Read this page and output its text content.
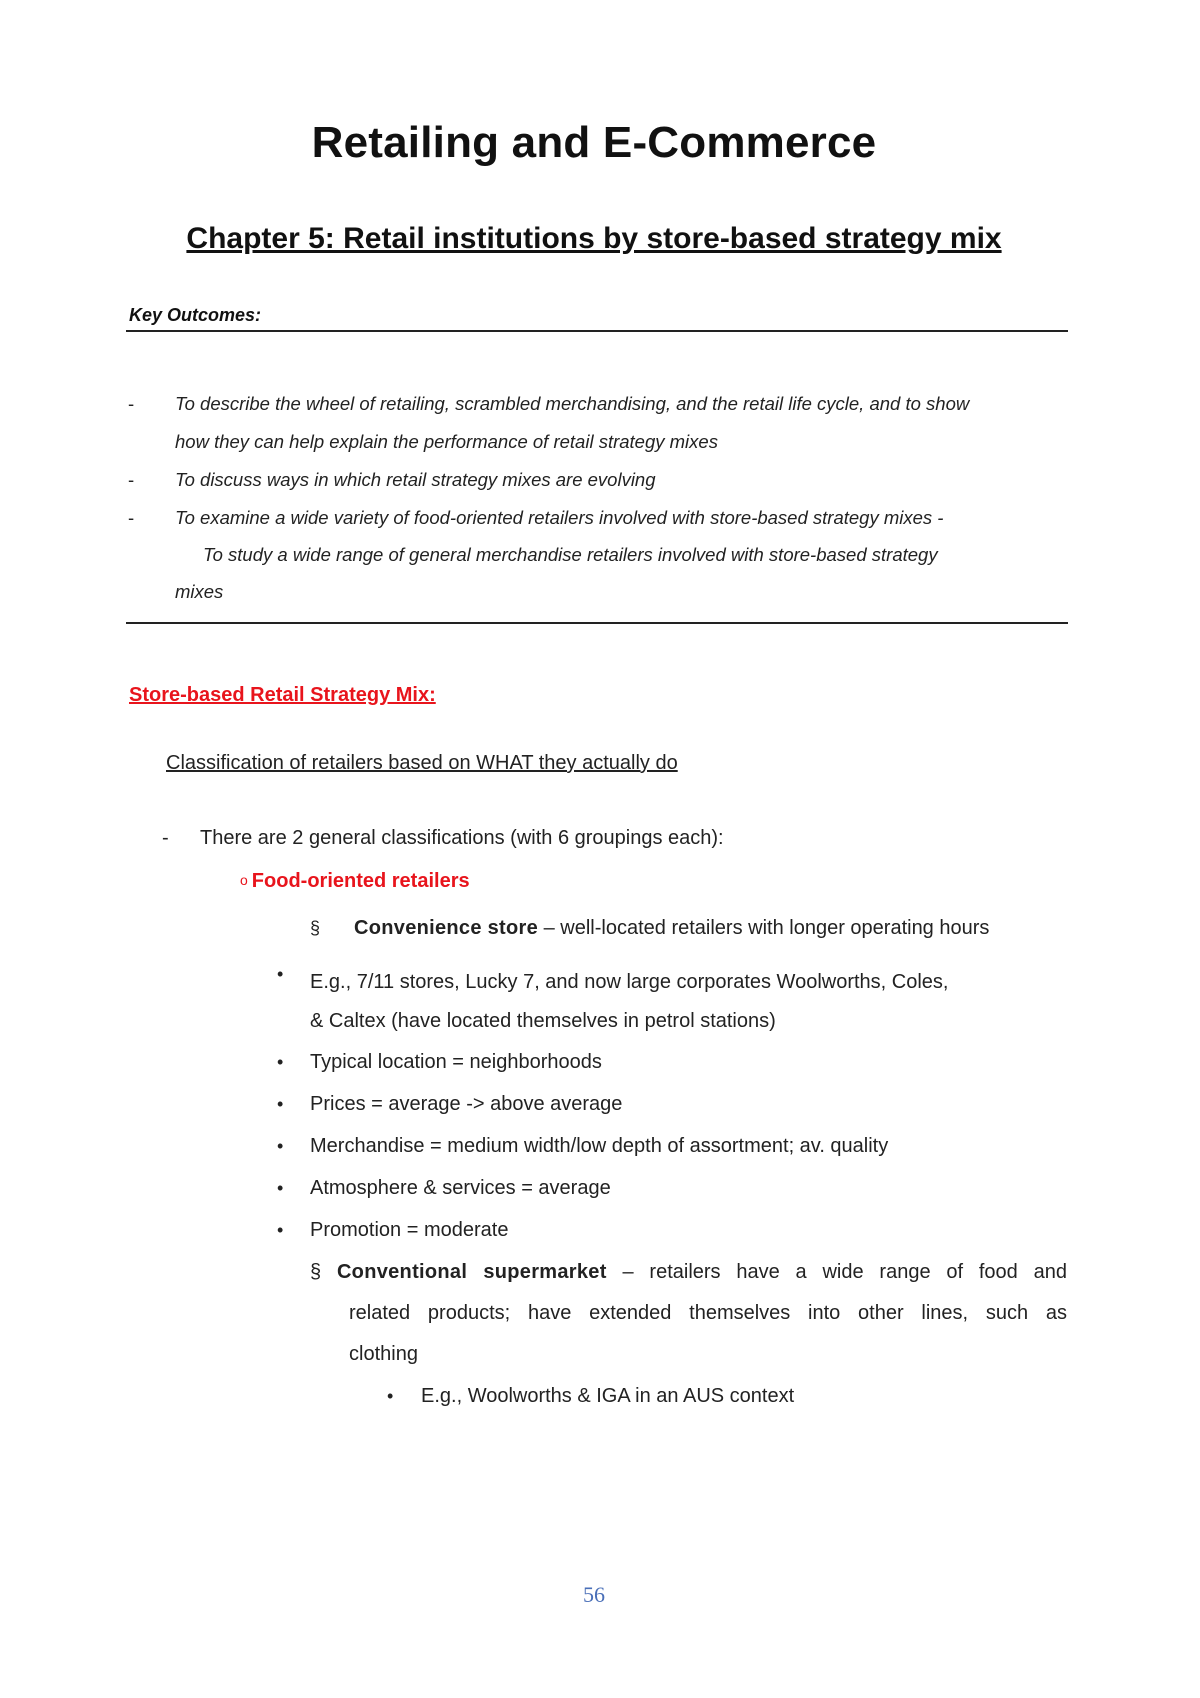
Retailing and E-Commerce
Chapter 5: Retail institutions by store-based strategy mix
Key Outcomes:
- To describe the wheel of retailing, scrambled merchandising, and the retail life cycle, and to show
how they can help explain the performance of retail strategy mixes
- To discuss ways in which retail strategy mixes are evolving
- To examine a wide variety of food-oriented retailers involved with store-based strategy mixes -
To study a wide range of general merchandise retailers involved with store-based strategy
mixes
Store-based Retail Strategy Mix:
Classification of retailers based on WHAT they actually do
- There are 2 general classifications (with 6 groupings each):
o Food-oriented retailers
§ Convenience store – well-located retailers with longer operating hours
• E.g., 7/11 stores, Lucky 7, and now large corporates Woolworths, Coles,
& Caltex (have located themselves in petrol stations)
• Typical location = neighborhoods
• Prices = average -> above average
• Merchandise = medium width/low depth of assortment; av. quality
• Atmosphere & services = average
• Promotion = moderate
§ Conventional supermarket – retailers have a wide range of food and
related products; have extended themselves into other lines, such as
clothing
• E.g., Woolworths & IGA in an AUS context
56
